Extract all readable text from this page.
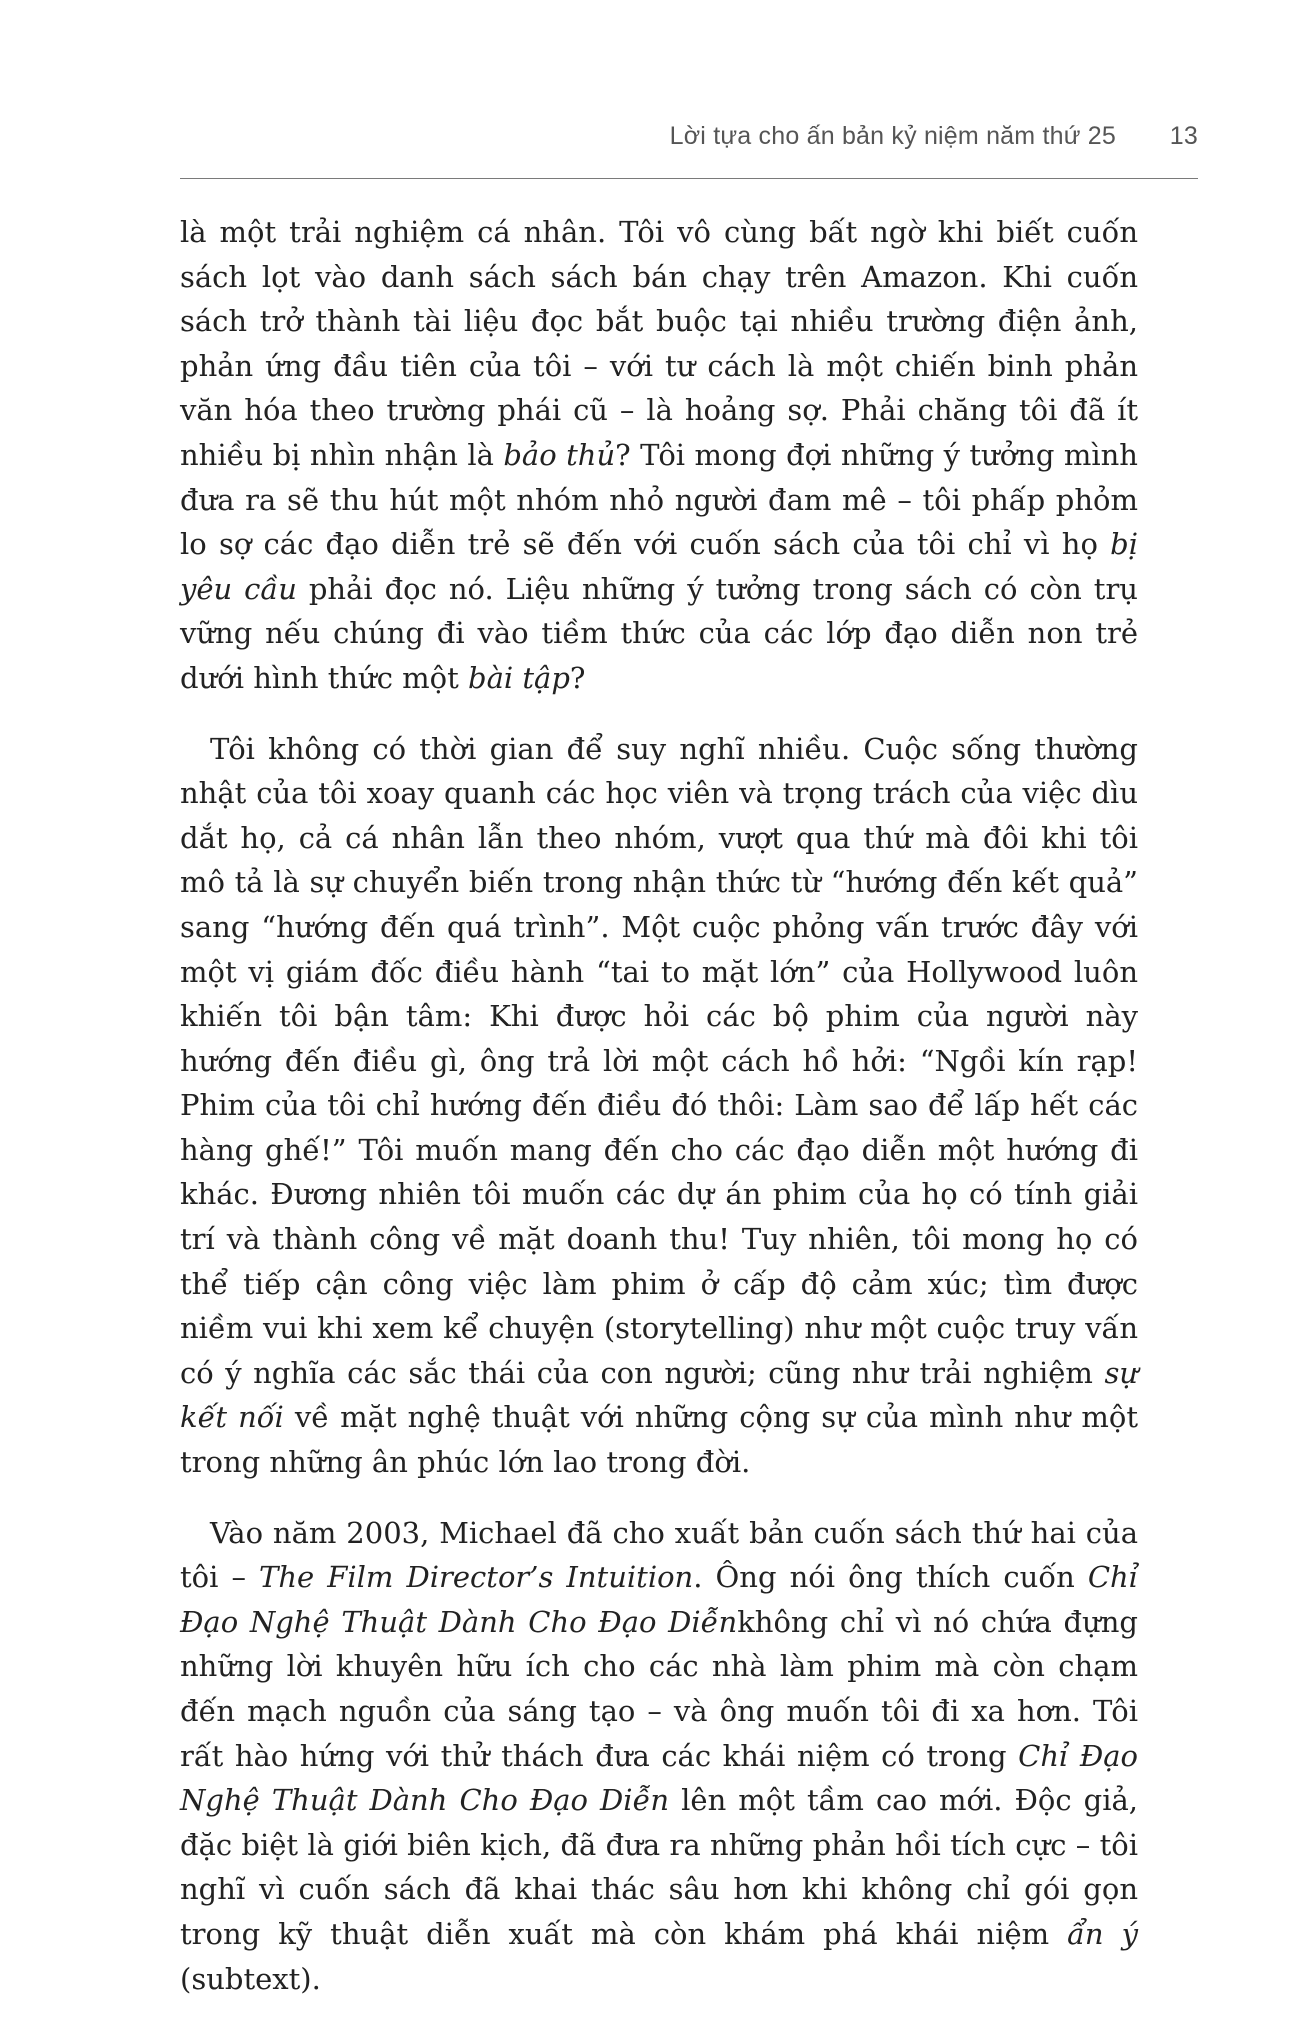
Lời tựa cho ấn bản kỷ niệm năm thứ 25 13

là một trải nghiệm cá nhân. Tôi vô cùng bất ngờ khi biết cuốn sách lọt vào danh sách sách bán chạy trên Amazon. Khi cuốn sách trở thành tài liệu đọc bắt buộc tại nhiều trường điện ảnh, phản ứng đầu tiên của tôi – với tư cách là một chiến binh phản văn hóa theo trường phái cũ – là hoảng sợ. Phải chăng tôi đã ít nhiều bị nhìn nhận là bảo thủ? Tôi mong đợi những ý tưởng mình đưa ra sẽ thu hút một nhóm nhỏ người đam mê – tôi phấp phỏm lo sợ các đạo diễn trẻ sẽ đến với cuốn sách của tôi chỉ vì họ bị yêu cầu phải đọc nó. Liệu những ý tưởng trong sách có còn trụ vững nếu chúng đi vào tiềm thức của các lớp đạo diễn non trẻ dưới hình thức một bài tập?

Tôi không có thời gian để suy nghĩ nhiều. Cuộc sống thường nhật của tôi xoay quanh các học viên và trọng trách của việc dìu dắt họ, cả cá nhân lẫn theo nhóm, vượt qua thứ mà đôi khi tôi mô tả là sự chuyển biến trong nhận thức từ “hướng đến kết quả” sang “hướng đến quá trình”. Một cuộc phỏng vấn trước đây với một vị giám đốc điều hành “tai to mặt lớn” của Hollywood luôn khiến tôi bận tâm: Khi được hỏi các bộ phim của người này hướng đến điều gì, ông trả lời một cách hồ hởi: “Ngồi kín rạp! Phim của tôi chỉ hướng đến điều đó thôi: Làm sao để lấp hết các hàng ghế!” Tôi muốn mang đến cho các đạo diễn một hướng đi khác. Đương nhiên tôi muốn các dự án phim của họ có tính giải trí và thành công về mặt doanh thu! Tuy nhiên, tôi mong họ có thể tiếp cận công việc làm phim ở cấp độ cảm xúc; tìm được niềm vui khi xem kể chuyện (storytelling) như một cuộc truy vấn có ý nghĩa các sắc thái của con người; cũng như trải nghiệm sự kết nối về mặt nghệ thuật với những cộng sự của mình như một trong những ân phúc lớn lao trong đời.

Vào năm 2003, Michael đã cho xuất bản cuốn sách thứ hai của tôi – The Film Director’s Intuition. Ông nói ông thích cuốn Chỉ Đạo Nghệ Thuật Dành Cho Đạo Diễnkhông chỉ vì nó chứa đựng những lời khuyên hữu ích cho các nhà làm phim mà còn chạm đến mạch nguồn của sáng tạo – và ông muốn tôi đi xa hơn. Tôi rất hào hứng với thử thách đưa các khái niệm có trong Chỉ Đạo Nghệ Thuật Dành Cho Đạo Diễn lên một tầm cao mới. Độc giả, đặc biệt là giới biên kịch, đã đưa ra những phản hồi tích cực – tôi nghĩ vì cuốn sách đã khai thác sâu hơn khi không chỉ gói gọn trong kỹ thuật diễn xuất mà còn khám phá khái niệm ẩn ý (subtext).
